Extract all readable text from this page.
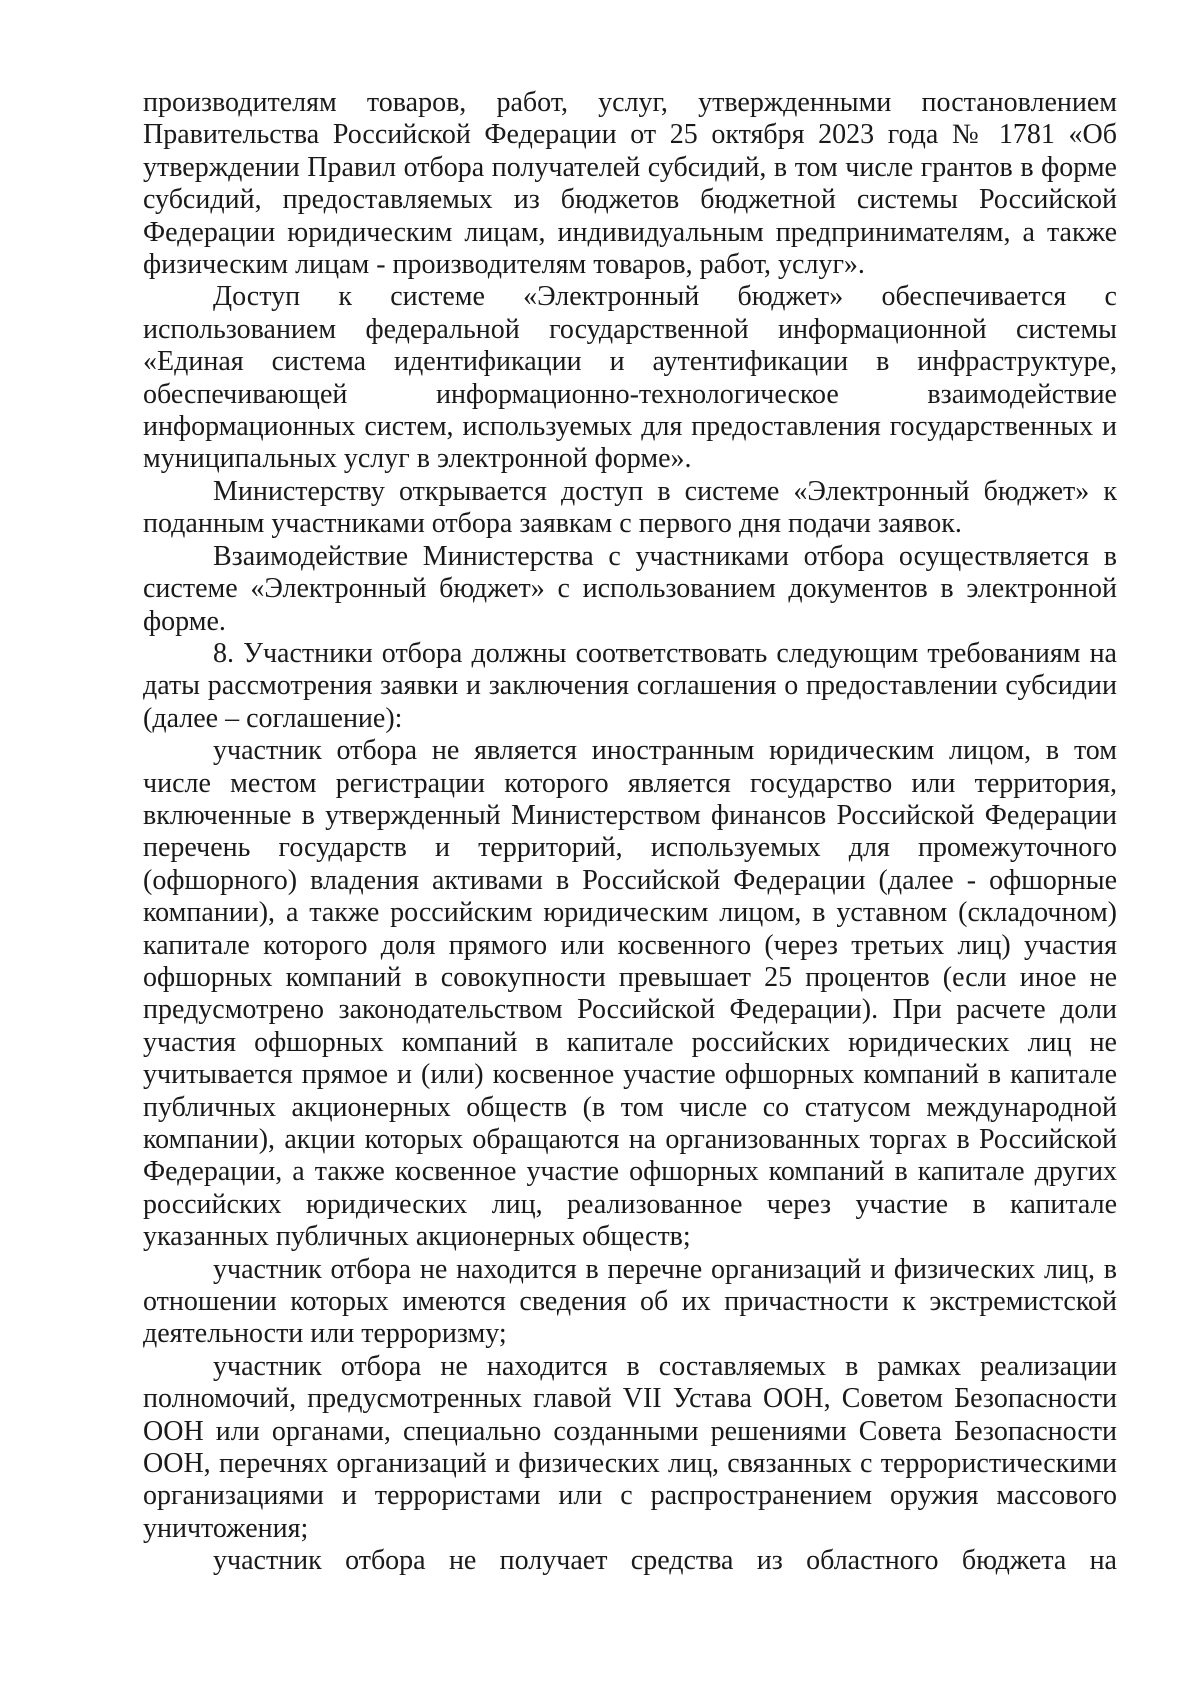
производителям товаров, работ, услуг, утвержденными постановлением Правительства Российской Федерации от 25 октября 2023 года № 1781 «Об утверждении Правил отбора получателей субсидий, в том числе грантов в форме субсидий, предоставляемых из бюджетов бюджетной системы Российской Федерации юридическим лицам, индивидуальным предпринимателям, а также физическим лицам - производителям товаров, работ, услуг».

Доступ к системе «Электронный бюджет» обеспечивается с использованием федеральной государственной информационной системы «Единая система идентификации и аутентификации в инфраструктуре, обеспечивающей информационно-технологическое взаимодействие информационных систем, используемых для предоставления государственных и муниципальных услуг в электронной форме».

Министерству открывается доступ в системе «Электронный бюджет» к поданным участниками отбора заявкам с первого дня подачи заявок.

Взаимодействие Министерства с участниками отбора осуществляется в системе «Электронный бюджет» с использованием документов в электронной форме.

8. Участники отбора должны соответствовать следующим требованиям на даты рассмотрения заявки и заключения соглашения о предоставлении субсидии (далее – соглашение):

участник отбора не является иностранным юридическим лицом, в том числе местом регистрации которого является государство или территория, включенные в утвержденный Министерством финансов Российской Федерации перечень государств и территорий, используемых для промежуточного (офшорного) владения активами в Российской Федерации (далее - офшорные компании), а также российским юридическим лицом, в уставном (складочном) капитале которого доля прямого или косвенного (через третьих лиц) участия офшорных компаний в совокупности превышает 25 процентов (если иное не предусмотрено законодательством Российской Федерации). При расчете доли участия офшорных компаний в капитале российских юридических лиц не учитывается прямое и (или) косвенное участие офшорных компаний в капитале публичных акционерных обществ (в том числе со статусом международной компании), акции которых обращаются на организованных торгах в Российской Федерации, а также косвенное участие офшорных компаний в капитале других российских юридических лиц, реализованное через участие в капитале указанных публичных акционерных обществ;

участник отбора не находится в перечне организаций и физических лиц, в отношении которых имеются сведения об их причастности к экстремистской деятельности или терроризму;

участник отбора не находится в составляемых в рамках реализации полномочий, предусмотренных главой VII Устава ООН, Советом Безопасности ООН или органами, специально созданными решениями Совета Безопасности ООН, перечнях организаций и физических лиц, связанных с террористическими организациями и террористами или с распространением оружия массового уничтожения;

участник отбора не получает средства из областного бюджета на
